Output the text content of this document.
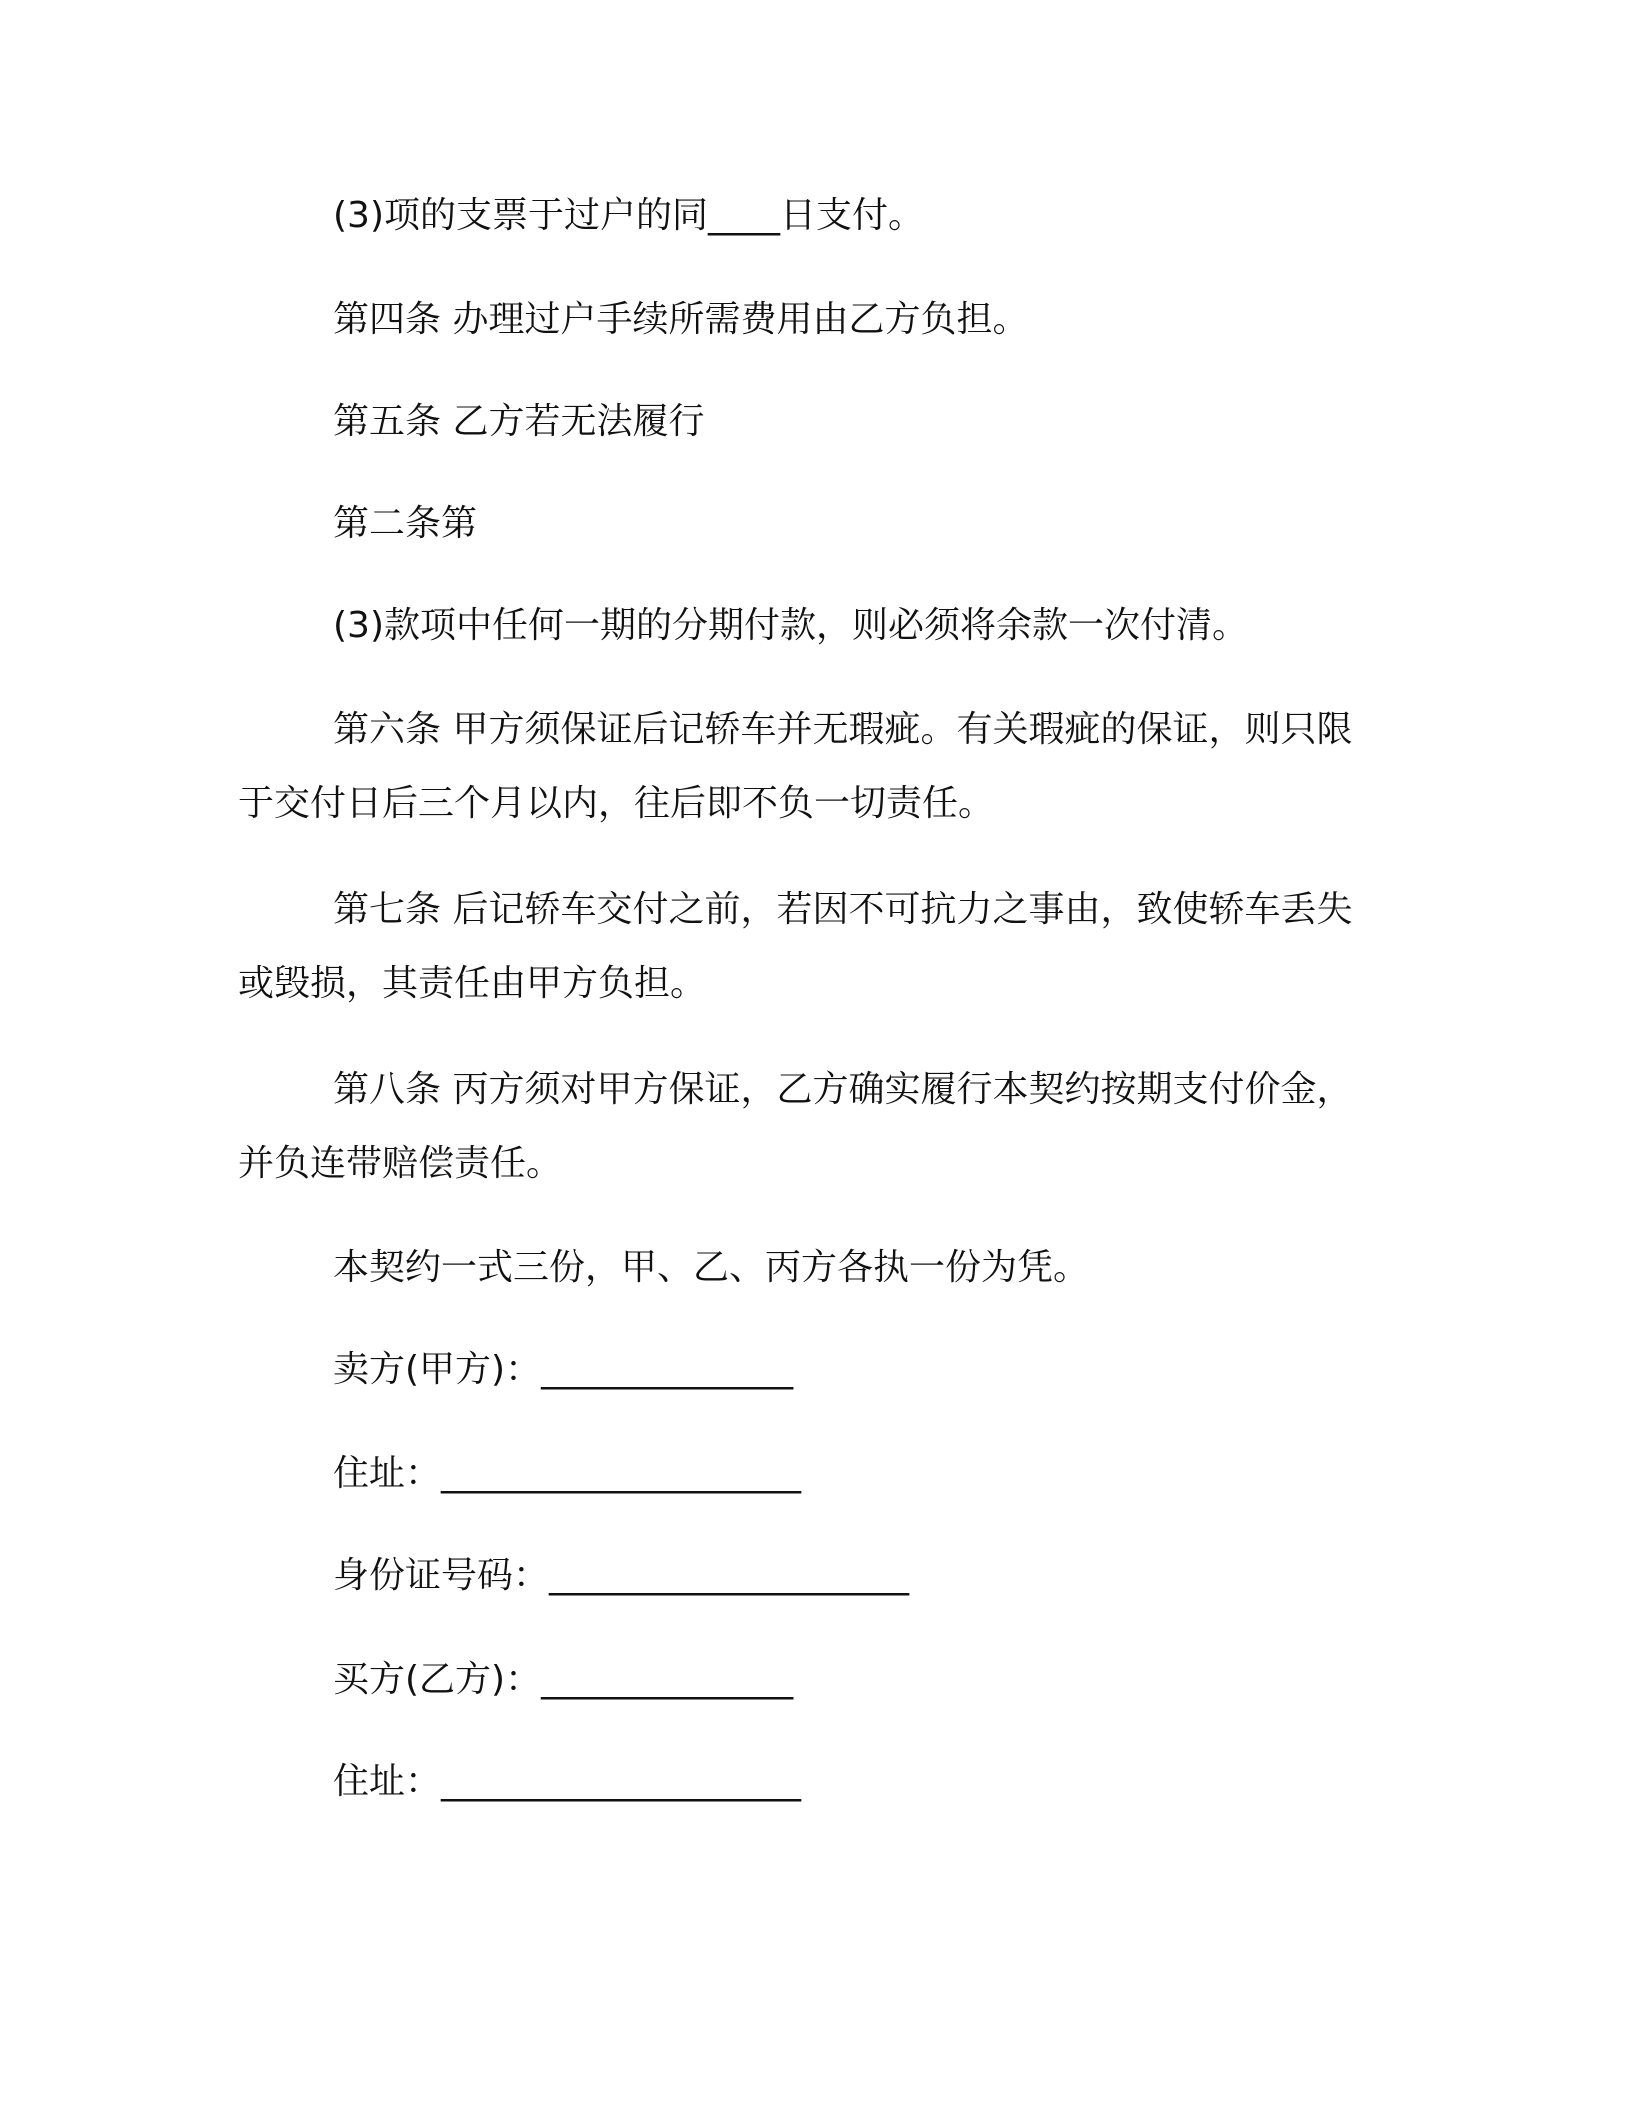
(3)项的支票于过户的同____日支付。
第四条 办理过户手续所需费用由乙方负担。
第五条 乙方若无法履行
第二条第
(3)款项中任何一期的分期付款，则必须将余款一次付清。
第六条 甲方须保证后记轿车并无瑕疵。有关瑕疵的保证，则只限
于交付日后三个月以内，往后即不负一切责任。
第七条 后记轿车交付之前，若因不可抗力之事由，致使轿车丢失
或毁损，其责任由甲方负担。
第八条 丙方须对甲方保证，乙方确实履行本契约按期支付价金，
并负连带赔偿责任。
本契约一式三份，甲、乙、丙方各执一份为凭。
卖方(甲方)：______________
住址：____________________
身份证号码：____________________
买方(乙方)：______________
住址：____________________
